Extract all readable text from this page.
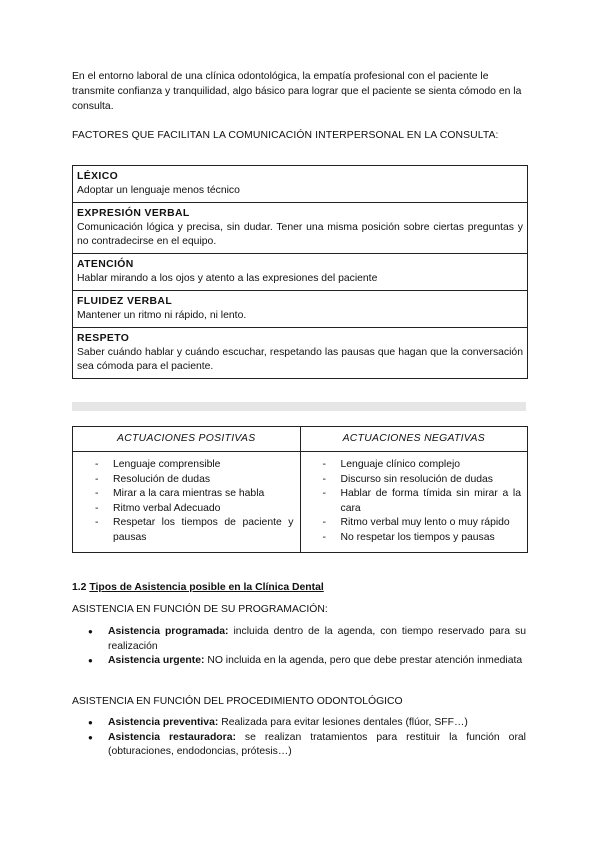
En el entorno laboral de una clínica odontológica, la empatía profesional con el paciente le transmite confianza y tranquilidad, algo básico para lograr que el paciente se sienta cómodo en la consulta.

FACTORES QUE FACILITAN LA COMUNICACIÓN INTERPERSONAL EN LA CONSULTA:
LÉXICO
Adoptar un lenguaje menos técnico
EXPRESIÓN VERBAL
Comunicación lógica y precisa, sin dudar. Tener una misma posición sobre ciertas preguntas y no contradecirse en el equipo.
ATENCIÓN
Hablar mirando a los ojos y atento a las expresiones del paciente
FLUIDEZ VERBAL
Mantener un ritmo ni rápido, ni lento.
RESPETO
Saber cuándo hablar y cuándo escuchar, respetando las pausas que hagan que la conversación sea cómoda para el paciente.
ACTUACIONES POSITIVAS	ACTUACIONES NEGATIVAS
- Lenguaje comprensible
- Resolución de dudas
- Mirar a la cara mientras se habla
- Ritmo verbal Adecuado
- Respetar los tiempos de paciente y pausas
- Lenguaje clínico complejo
- Discurso sin resolución de dudas
- Hablar de forma tímida sin mirar a la cara
- Ritmo verbal muy lento o muy rápido
- No respetar los tiempos y pausas
1.2 Tipos de Asistencia posible en la Clínica Dental
ASISTENCIA EN FUNCIÓN DE SU PROGRAMACIÓN:
● Asistencia programada: incluida dentro de la agenda, con tiempo reservado para su realización
● Asistencia urgente: NO incluida en la agenda, pero que debe prestar atención inmediata
ASISTENCIA EN FUNCIÓN DEL PROCEDIMIENTO ODONTOLÓGICO
● Asistencia preventiva: Realizada para evitar lesiones dentales (flúor, SFF…)
● Asistencia restauradora: se realizan tratamientos para restituir la función oral (obturaciones, endodoncias, prótesis…)
